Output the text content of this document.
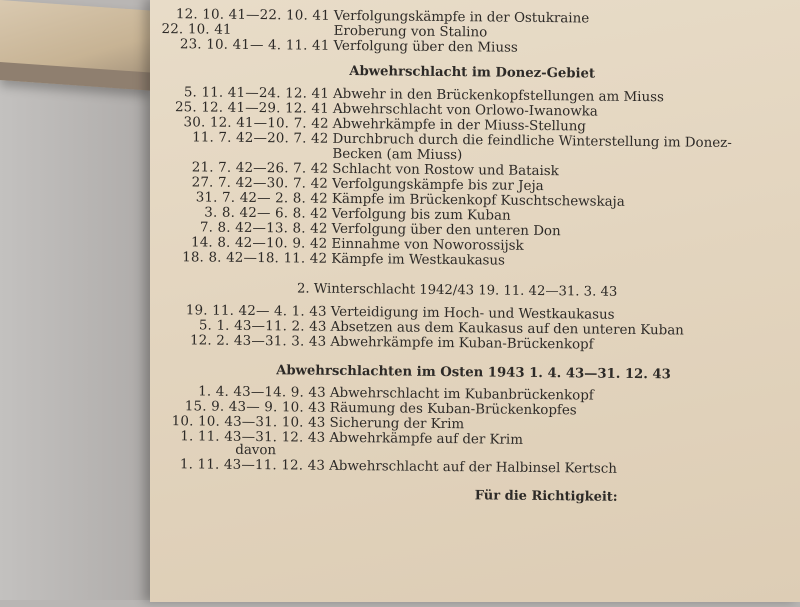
12. 10. 41—22. 10. 41 Verfolgungskämpfe in der Ostukraine
22. 10. 41	Eroberung von Stalino
23. 10. 41— 4. 11. 41 Verfolgung über den Miuss
Abwehrschlacht im Donez-Gebiet
5. 11. 41—24. 12. 41 Abwehr in den Brückenkopfstellungen am Miuss
25. 12. 41—29. 12. 41 Abwehrschlacht von Orlowo-Iwanowka
30. 12. 41—10. 7. 42 Abwehrkämpfe in der Miuss-Stellung
11. 7. 42—20. 7. 42 Durchbruch durch die feindliche Winterstellung im Donez-
Becken (am Miuss)
21. 7. 42—26. 7. 42 Schlacht von Rostow und Bataisk
27. 7. 42—30. 7. 42 Verfolgungskämpfe bis zur Jeja
31. 7. 42— 2. 8. 42 Kämpfe im Brückenkopf Kuschtschewskaja
3. 8. 42— 6. 8. 42 Verfolgung bis zum Kuban
7. 8. 42—13. 8. 42 Verfolgung über den unteren Don
14. 8. 42—10. 9. 42 Einnahme von Noworossijsk
18. 8. 42—18. 11. 42 Kämpfe im Westkaukasus
2. Winterschlacht 1942/43 19. 11. 42—31. 3. 43
19. 11. 42— 4. 1. 43 Verteidigung im Hoch- und Westkaukasus
5. 1. 43—11. 2. 43 Absetzen aus dem Kaukasus auf den unteren Kuban
12. 2. 43—31. 3. 43 Abwehrkämpfe im Kuban-Brückenkopf
Abwehrschlachten im Osten 1943 1. 4. 43—31. 12. 43
1. 4. 43—14. 9. 43 Abwehrschlacht im Kubanbrückenkopf
15. 9. 43— 9. 10. 43 Räumung des Kuban-Brückenkopfes
10. 10. 43—31. 10. 43 Sicherung der Krim
1. 11. 43—31. 12. 43 Abwehrkämpfe auf der Krim
davon
1. 11. 43—11. 12. 43 Abwehrschlacht auf der Halbinsel Kertsch
Für die Richtigkeit:
